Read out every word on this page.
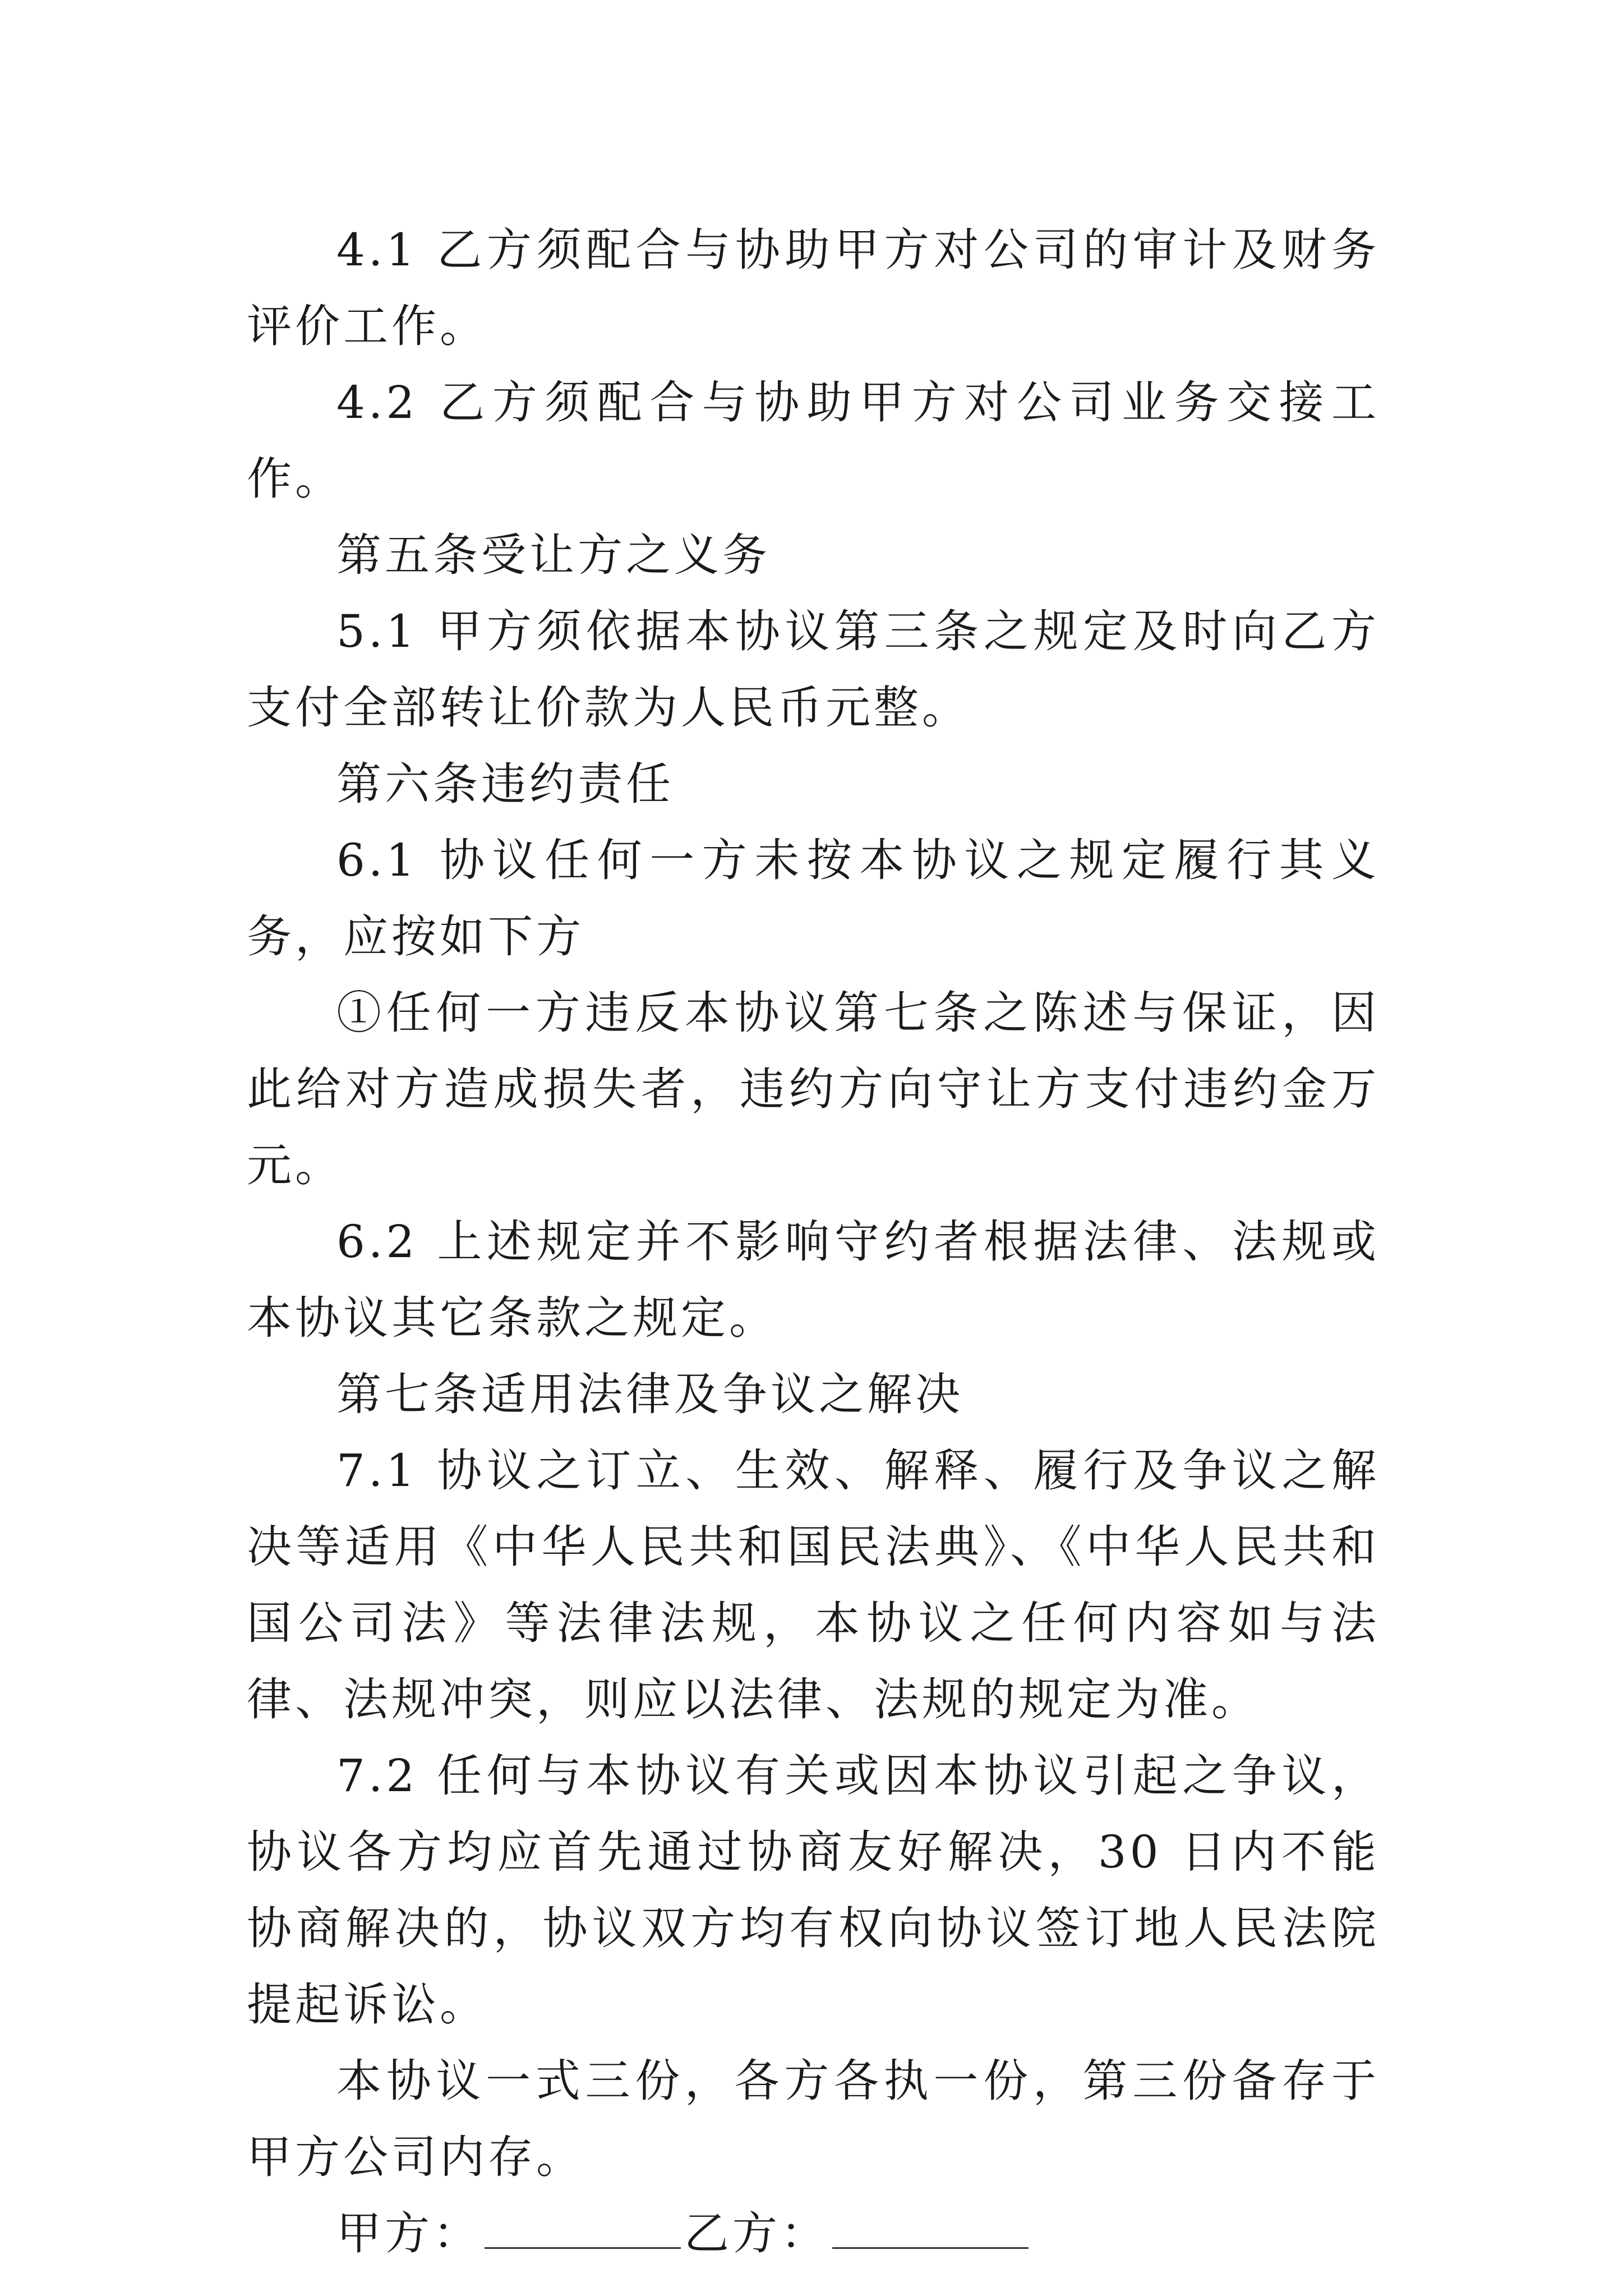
4.1 乙方须配合与协助甲方对公司的审计及财务评价工作。

4.2 乙方须配合与协助甲方对公司业务交接工作。

第五条受让方之义务

5.1 甲方须依据本协议第三条之规定及时向乙方支付全部转让价款为人民币元整。

第六条违约责任

6.1 协议任何一方未按本协议之规定履行其义务，应按如下方

①任何一方违反本协议第七条之陈述与保证，因此给对方造成损失者，违约方向守让方支付违约金万元。

6.2 上述规定并不影响守约者根据法律、法规或本协议其它条款之规定。

第七条适用法律及争议之解决

7.1 协议之订立、生效、解释、履行及争议之解决等适用《中华人民共和国民法典》、《中华人民共和国公司法》等法律法规，本协议之任何内容如与法律、法规冲突，则应以法律、法规的规定为准。

7.2 任何与本协议有关或因本协议引起之争议，协议各方均应首先通过协商友好解决，30 日内不能协商解决的，协议双方均有权向协议签订地人民法院提起诉讼。

本协议一式三份，各方各执一份，第三份备存于甲方公司内存。

甲方：	乙方：
